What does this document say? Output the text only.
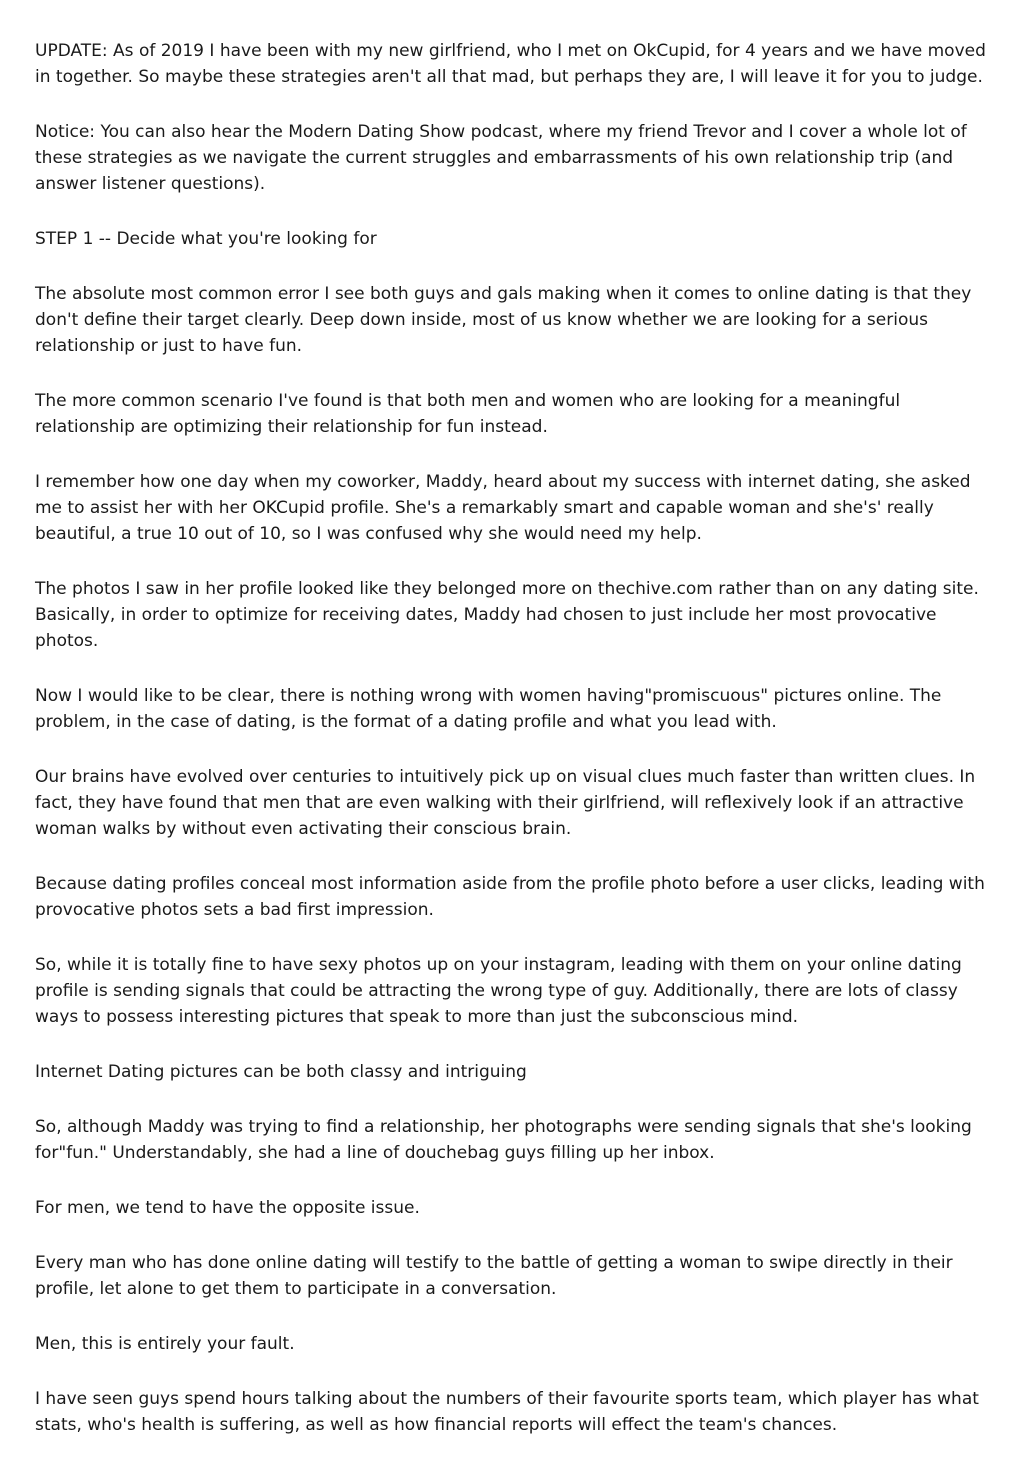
UPDATE: As of 2019 I have been with my new girlfriend, who I met on OkCupid, for 4 years and we have moved in together. So maybe these strategies aren't all that mad, but perhaps they are, I will leave it for you to judge.

Notice: You can also hear the Modern Dating Show podcast, where my friend Trevor and I cover a whole lot of these strategies as we navigate the current struggles and embarrassments of his own relationship trip (and answer listener questions).

STEP 1 -- Decide what you're looking for

The absolute most common error I see both guys and gals making when it comes to online dating is that they don't define their target clearly. Deep down inside, most of us know whether we are looking for a serious relationship or just to have fun.

The more common scenario I've found is that both men and women who are looking for a meaningful relationship are optimizing their relationship for fun instead.

I remember how one day when my coworker, Maddy, heard about my success with internet dating, she asked me to assist her with her OKCupid profile. She's a remarkably smart and capable woman and she's' really beautiful, a true 10 out of 10, so I was confused why she would need my help.

The photos I saw in her profile looked like they belonged more on thechive.com rather than on any dating site. Basically, in order to optimize for receiving dates, Maddy had chosen to just include her most provocative photos.

Now I would like to be clear, there is nothing wrong with women having"promiscuous" pictures online. The problem, in the case of dating, is the format of a dating profile and what you lead with.

Our brains have evolved over centuries to intuitively pick up on visual clues much faster than written clues. In fact, they have found that men that are even walking with their girlfriend, will reflexively look if an attractive woman walks by without even activating their conscious brain.

Because dating profiles conceal most information aside from the profile photo before a user clicks, leading with provocative photos sets a bad first impression.

So, while it is totally fine to have sexy photos up on your instagram, leading with them on your online dating profile is sending signals that could be attracting the wrong type of guy. Additionally, there are lots of classy ways to possess interesting pictures that speak to more than just the subconscious mind.

Internet Dating pictures can be both classy and intriguing

So, although Maddy was trying to find a relationship, her photographs were sending signals that she's looking for"fun." Understandably, she had a line of douchebag guys filling up her inbox.

For men, we tend to have the opposite issue.

Every man who has done online dating will testify to the battle of getting a woman to swipe directly in their profile, let alone to get them to participate in a conversation.

Men, this is entirely your fault.

I have seen guys spend hours talking about the numbers of their favourite sports team, which player has what stats, who's health is suffering, as well as how financial reports will effect the team's chances.
